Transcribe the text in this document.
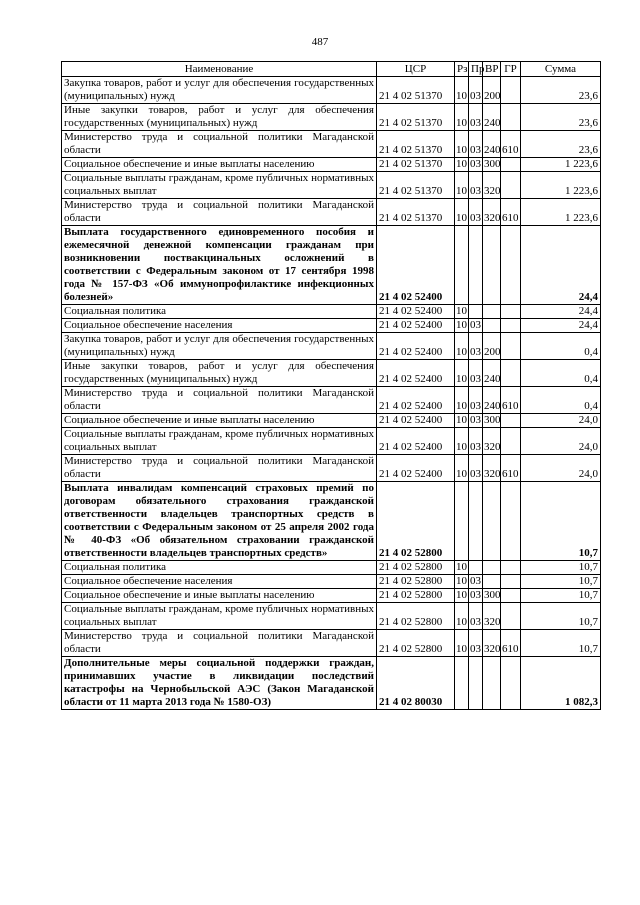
487
Наименование	ЦСР	Рз	Пр	ВР	ГР	Сумма
Закупка товаров, работ и услуг для обеспечения государственных (муниципальных) нужд	21 4 02 51370	10	03	200		23,6
Иные закупки товаров, работ и услуг для обеспечения государственных (муниципальных) нужд	21 4 02 51370	10	03	240		23,6
Министерство труда и социальной политики Магаданской области	21 4 02 51370	10	03	240	610	23,6
Социальное обеспечение и иные выплаты населению	21 4 02 51370	10	03	300		1 223,6
Социальные выплаты гражданам, кроме публичных нормативных социальных выплат	21 4 02 51370	10	03	320		1 223,6
Министерство труда и социальной политики Магаданской области	21 4 02 51370	10	03	320	610	1 223,6
Выплата государственного единовременного пособия и ежемесячной денежной компенсации гражданам при возникновении поствакцинальных осложнений в соответствии с Федеральным законом от 17 сентября 1998 года № 157-ФЗ «Об иммунопрофилактике инфекционных болезней»	21 4 02 52400					24,4
Социальная политика	21 4 02 52400	10				24,4
Социальное обеспечение населения	21 4 02 52400	10	03			24,4
Закупка товаров, работ и услуг для обеспечения государственных (муниципальных) нужд	21 4 02 52400	10	03	200		0,4
Иные закупки товаров, работ и услуг для обеспечения государственных (муниципальных) нужд	21 4 02 52400	10	03	240		0,4
Министерство труда и социальной политики Магаданской области	21 4 02 52400	10	03	240	610	0,4
Социальное обеспечение и иные выплаты населению	21 4 02 52400	10	03	300		24,0
Социальные выплаты гражданам, кроме публичных нормативных социальных выплат	21 4 02 52400	10	03	320		24,0
Министерство труда и социальной политики Магаданской области	21 4 02 52400	10	03	320	610	24,0
Выплата инвалидам компенсаций страховых премий по договорам обязательного страхования гражданской ответственности владельцев транспортных средств в соответствии с Федеральным законом от 25 апреля 2002 года № 40-ФЗ «Об обязательном страховании гражданской ответственности владельцев транспортных средств»	21 4 02 52800					10,7
Социальная политика	21 4 02 52800	10				10,7
Социальное обеспечение населения	21 4 02 52800	10	03			10,7
Социальное обеспечение и иные выплаты населению	21 4 02 52800	10	03	300		10,7
Социальные выплаты гражданам, кроме публичных нормативных социальных выплат	21 4 02 52800	10	03	320		10,7
Министерство труда и социальной политики Магаданской области	21 4 02 52800	10	03	320	610	10,7
Дополнительные меры социальной поддержки граждан, принимавших участие в ликвидации последствий катастрофы на Чернобыльской АЭС (Закон Магаданской области от 11 марта 2013 года № 1580-ОЗ)	21 4 02 80030					1 082,3
